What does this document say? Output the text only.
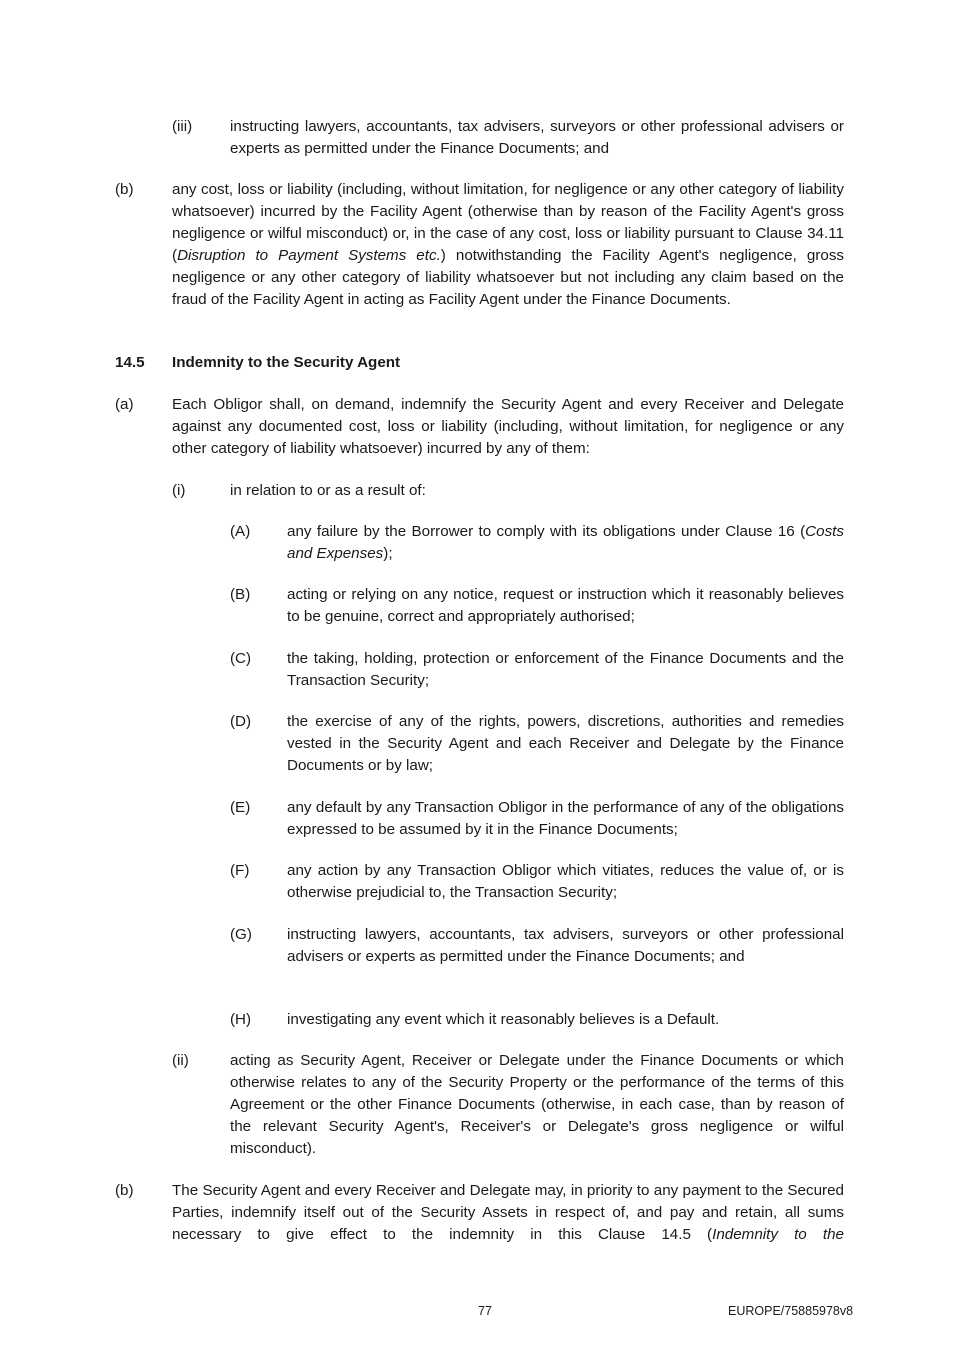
(iii) instructing lawyers, accountants, tax advisers, surveyors or other professional advisers or experts as permitted under the Finance Documents; and

(b)	any cost, loss or liability (including, without limitation, for negligence or any other category of liability whatsoever) incurred by the Facility Agent (otherwise than by reason of the Facility Agent's gross negligence or wilful misconduct) or, in the case of any cost, loss or liability pursuant to Clause 34.11 (Disruption to Payment Systems etc.) notwithstanding the Facility Agent's negligence, gross negligence or any other category of liability whatsoever but not including any claim based on the fraud of the Facility Agent in acting as Facility Agent under the Finance Documents.

14.5 Indemnity to the Security Agent

(a)	Each Obligor shall, on demand, indemnify the Security Agent and every Receiver and Delegate against any documented cost, loss or liability (including, without limitation, for negligence or any other category of liability whatsoever) incurred by any of them:

(i)	in relation to or as a result of:

(A) any failure by the Borrower to comply with its obligations under Clause 16 (Costs and Expenses);

(B) acting or relying on any notice, request or instruction which it reasonably believes to be genuine, correct and appropriately authorised;

(C) the taking, holding, protection or enforcement of the Finance Documents and the Transaction Security;

(D) the exercise of any of the rights, powers, discretions, authorities and remedies vested in the Security Agent and each Receiver and Delegate by the Finance Documents or by law;

(E) any default by any Transaction Obligor in the performance of any of the obligations expressed to be assumed by it in the Finance Documents;

(F) any action by any Transaction Obligor which vitiates, reduces the value of, or is otherwise prejudicial to, the Transaction Security;

(G) instructing lawyers, accountants, tax advisers, surveyors or other professional advisers or experts as permitted under the Finance Documents; and

(H) investigating any event which it reasonably believes is a Default.

(ii)	acting as Security Agent, Receiver or Delegate under the Finance Documents or which otherwise relates to any of the Security Property or the performance of the terms of this Agreement or the other Finance Documents (otherwise, in each case, than by reason of the relevant Security Agent's, Receiver's or Delegate's gross negligence or wilful misconduct).

(b)	The Security Agent and every Receiver and Delegate may, in priority to any payment to the Secured Parties, indemnify itself out of the Security Assets in respect of, and pay and retain, all sums necessary to give effect to the indemnity in this Clause 14.5 (Indemnity to the

77	EUROPE/75885978v8
